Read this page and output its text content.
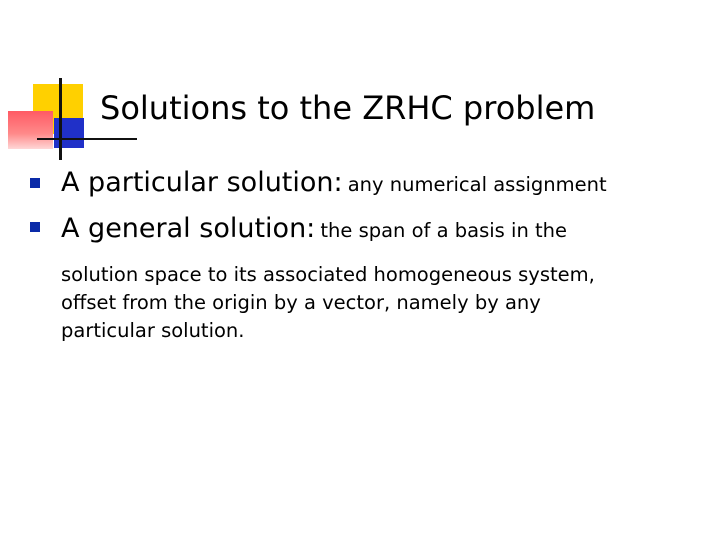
Solutions to the ZRHC problem
A particular solution: any numerical assignment
A general solution: the span of a basis in the
solution space to its associated homogeneous system,
offset from the origin by a vector, namely by any
particular solution.
